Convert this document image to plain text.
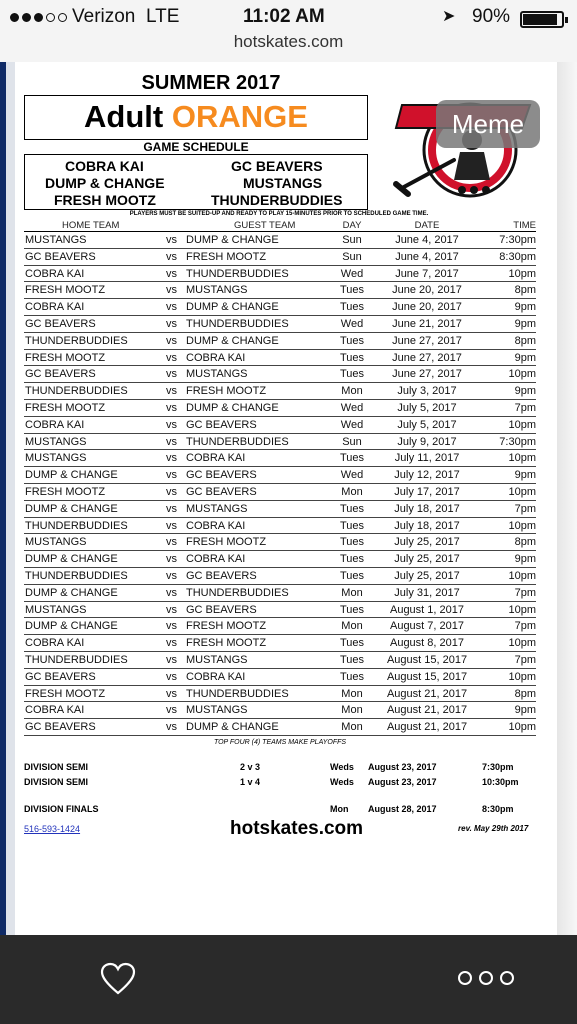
Verizon LTE	11:02 AM	➤ 90%
hotskates.com
SUMMER 2017
Adult ORANGE
GAME SCHEDULE
COBRA KAI	GC BEAVERS
DUMP & CHANGE	MUSTANGS
FRESH MOOTZ	THUNDERBUDDIES
PLAYERS MUST BE SUITED-UP AND READY TO PLAY 15-MINUTES PRIOR TO SCHEDULED GAME TIME.
HOME TEAM	GUEST TEAM	DAY	DATE	TIME
MUSTANGS	vs DUMP & CHANGE	Sun	June 4, 2017	7:30pm
GC BEAVERS	vs FRESH MOOTZ	Sun	June 4, 2017	8:30pm
COBRA KAI	vs THUNDERBUDDIES	Wed	June 7, 2017	10pm
FRESH MOOTZ	vs MUSTANGS	Tues	June 20, 2017	8pm
COBRA KAI	vs DUMP & CHANGE	Tues	June 20, 2017	9pm
GC BEAVERS	vs THUNDERBUDDIES	Wed	June 21, 2017	9pm
THUNDERBUDDIES	vs DUMP & CHANGE	Tues	June 27, 2017	8pm
FRESH MOOTZ	vs COBRA KAI	Tues	June 27, 2017	9pm
GC BEAVERS	vs MUSTANGS	Tues	June 27, 2017	10pm
THUNDERBUDDIES	vs FRESH MOOTZ	Mon	July 3, 2017	9pm
FRESH MOOTZ	vs DUMP & CHANGE	Wed	July 5, 2017	7pm
COBRA KAI	vs GC BEAVERS	Wed	July 5, 2017	10pm
MUSTANGS	vs THUNDERBUDDIES	Sun	July 9, 2017	7:30pm
MUSTANGS	vs COBRA KAI	Tues	July 11, 2017	10pm
DUMP & CHANGE	vs GC BEAVERS	Wed	July 12, 2017	9pm
FRESH MOOTZ	vs GC BEAVERS	Mon	July 17, 2017	10pm
DUMP & CHANGE	vs MUSTANGS	Tues	July 18, 2017	7pm
THUNDERBUDDIES	vs COBRA KAI	Tues	July 18, 2017	10pm
MUSTANGS	vs FRESH MOOTZ	Tues	July 25, 2017	8pm
DUMP & CHANGE	vs COBRA KAI	Tues	July 25, 2017	9pm
THUNDERBUDDIES	vs GC BEAVERS	Tues	July 25, 2017	10pm
DUMP & CHANGE	vs THUNDERBUDDIES	Mon	July 31, 2017	7pm
MUSTANGS	vs GC BEAVERS	Tues	August 1, 2017	10pm
DUMP & CHANGE	vs FRESH MOOTZ	Mon	August 7, 2017	7pm
COBRA KAI	vs FRESH MOOTZ	Tues	August 8, 2017	10pm
THUNDERBUDDIES	vs MUSTANGS	Tues	August 15, 2017	7pm
GC BEAVERS	vs COBRA KAI	Tues	August 15, 2017	10pm
FRESH MOOTZ	vs THUNDERBUDDIES	Mon	August 21, 2017	8pm
COBRA KAI	vs MUSTANGS	Mon	August 21, 2017	9pm
GC BEAVERS	vs DUMP & CHANGE	Mon	August 21, 2017	10pm
TOP FOUR (4) TEAMS MAKE PLAYOFFS
DIVISION SEMI	2 v 3	Weds August 23, 2017	7:30pm
DIVISION SEMI	1 v 4	Weds August 23, 2017	10:30pm
DIVISION FINALS	Mon August 28, 2017	8:30pm
516-593-1424	hotskates.com	rev. May 29th 2017
Meme
